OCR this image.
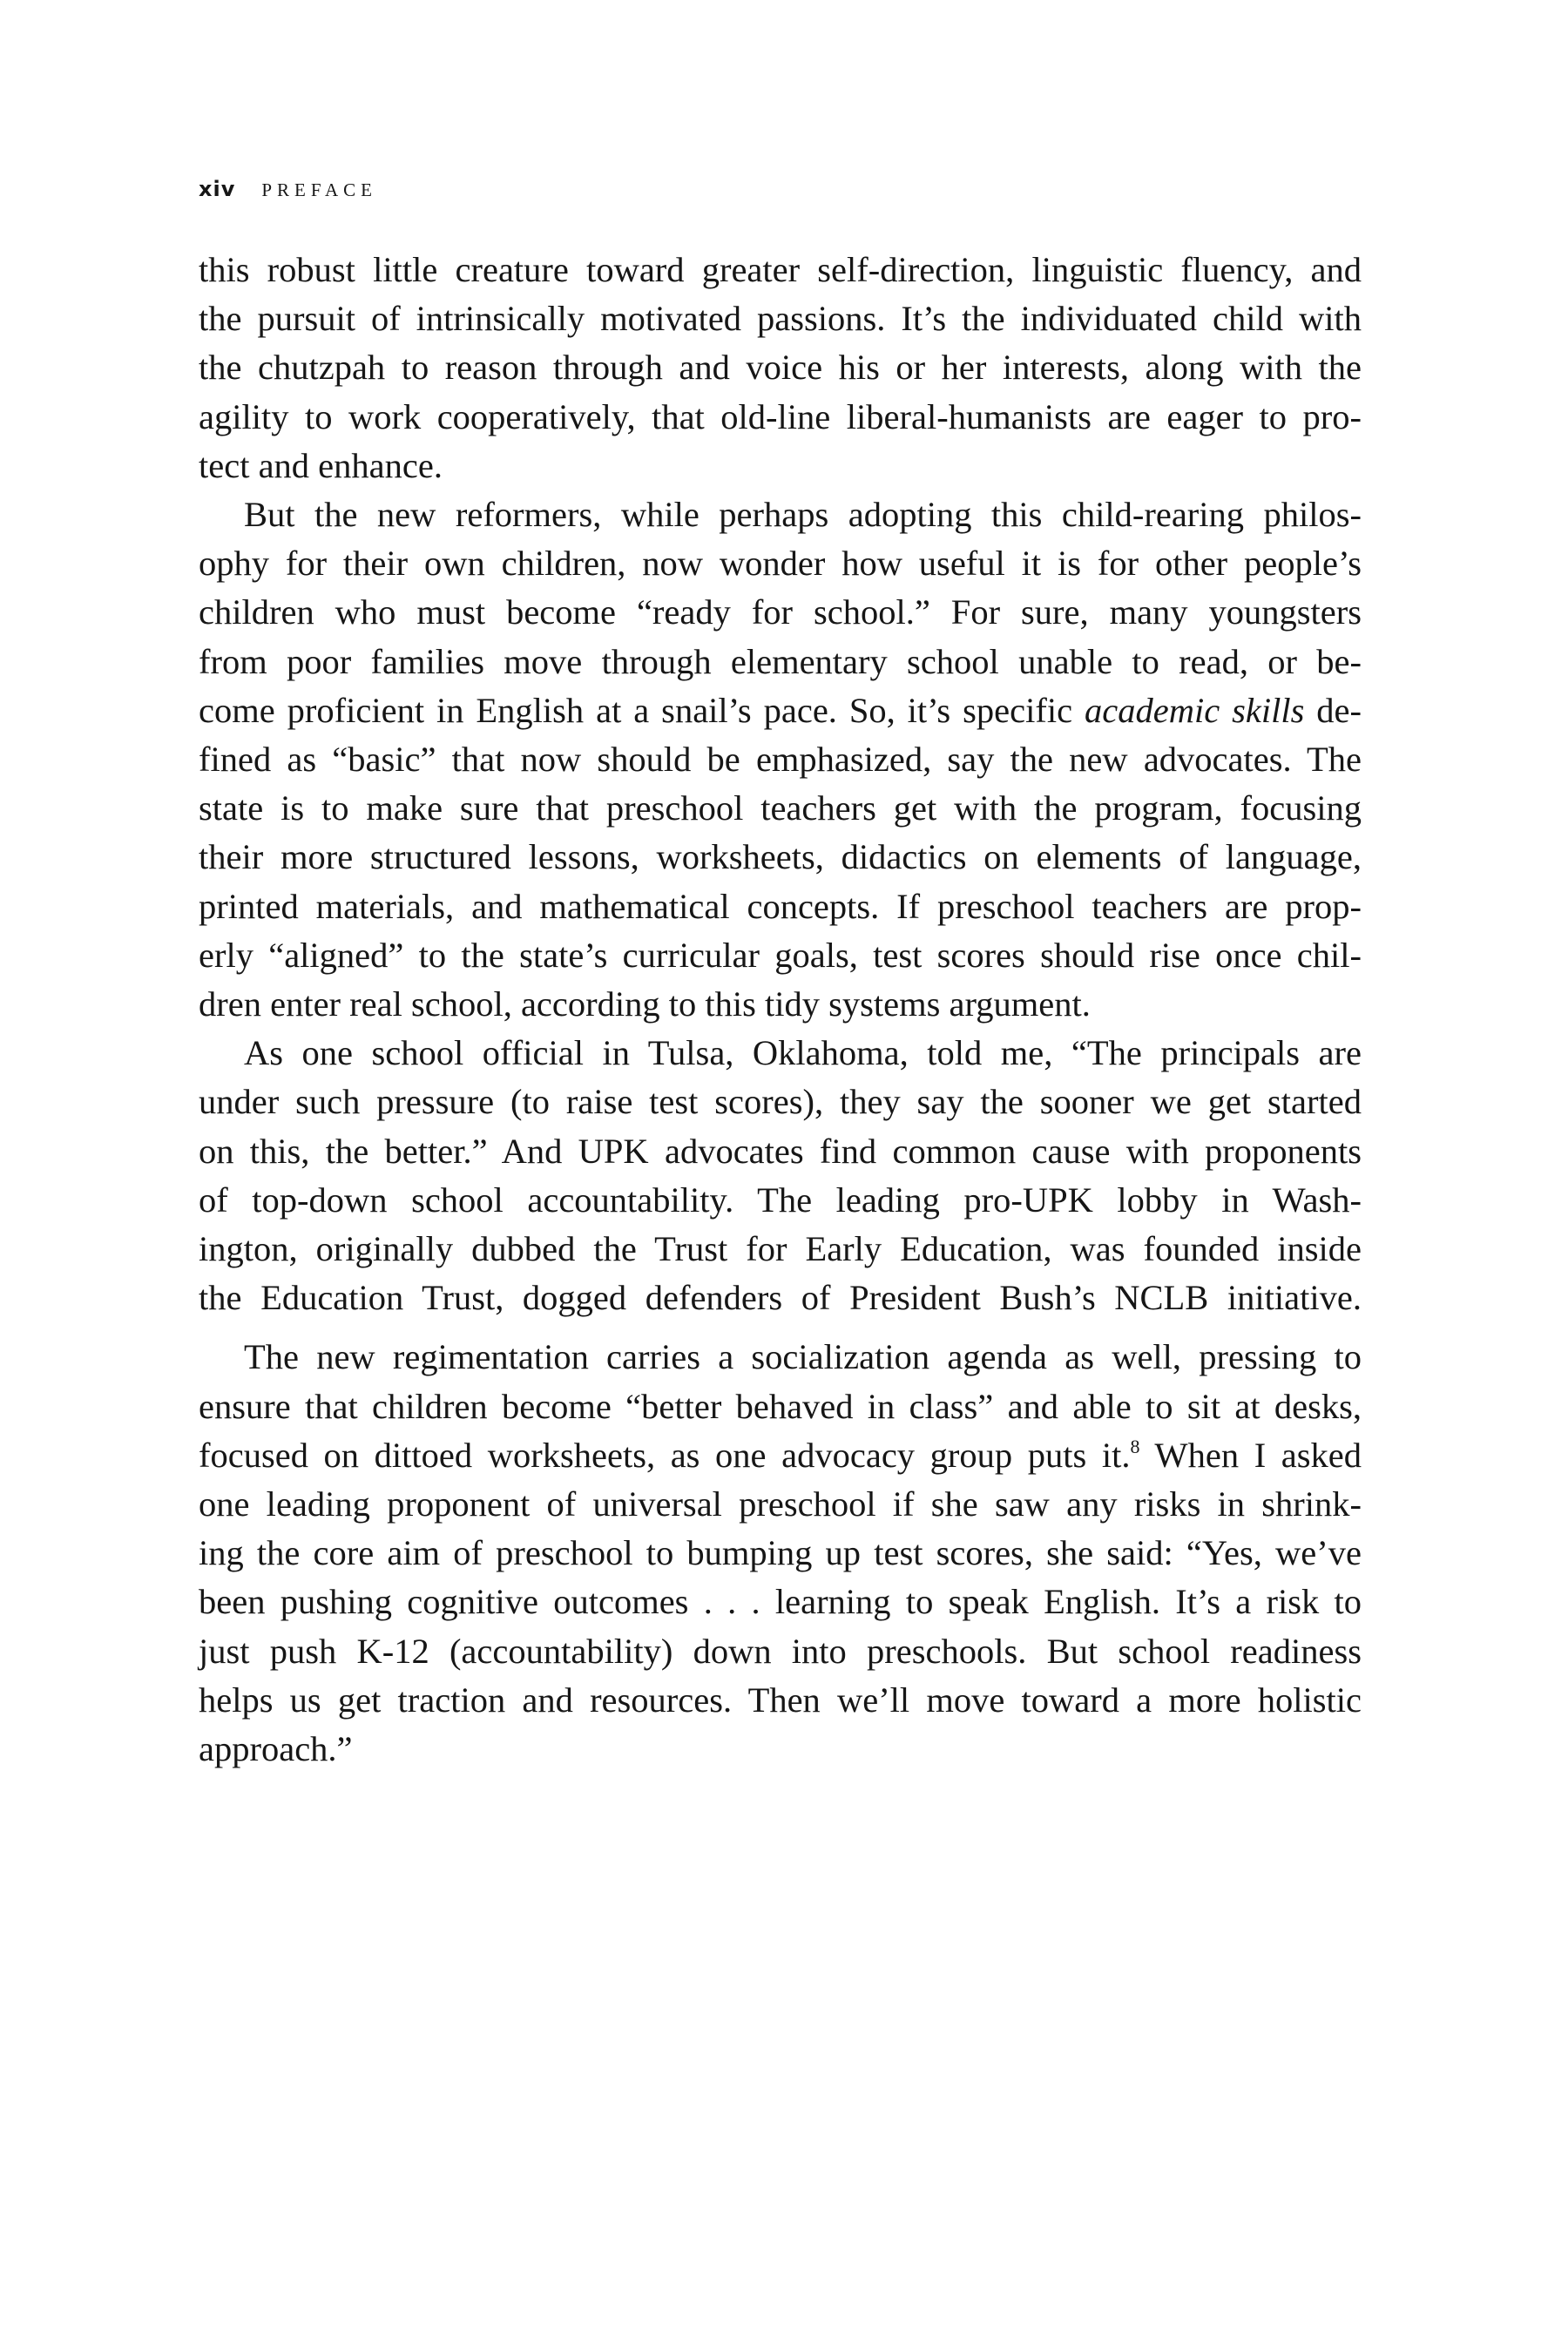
xiv PREFACE
this robust little creature toward greater self-direction, linguistic fluency, and
the pursuit of intrinsically motivated passions. It’s the individuated child with
the chutzpah to reason through and voice his or her interests, along with the
agility to work cooperatively, that old-line liberal-humanists are eager to pro-
tect and enhance.
But the new reformers, while perhaps adopting this child-rearing philos-
ophy for their own children, now wonder how useful it is for other people’s
children who must become “ready for school.” For sure, many youngsters
from poor families move through elementary school unable to read, or be-
come proficient in English at a snail’s pace. So, it’s specific academic skills de-
fined as “basic” that now should be emphasized, say the new advocates. The
state is to make sure that preschool teachers get with the program, focusing
their more structured lessons, worksheets, didactics on elements of language,
printed materials, and mathematical concepts. If preschool teachers are prop-
erly “aligned” to the state’s curricular goals, test scores should rise once chil-
dren enter real school, according to this tidy systems argument.
As one school official in Tulsa, Oklahoma, told me, “The principals are
under such pressure (to raise test scores), they say the sooner we get started
on this, the better.” And UPK advocates find common cause with proponents
of top-down school accountability. The leading pro-UPK lobby in Wash-
ington, originally dubbed the Trust for Early Education, was founded inside
the Education Trust, dogged defenders of President Bush’s NCLB initiative.
The new regimentation carries a socialization agenda as well, pressing to
ensure that children become “better behaved in class” and able to sit at desks,
focused on dittoed worksheets, as one advocacy group puts it.$^8$ When I asked
one leading proponent of universal preschool if she saw any risks in shrink-
ing the core aim of preschool to bumping up test scores, she said: “Yes, we’ve
been pushing cognitive outcomes . . . learning to speak English. It’s a risk to
just push K-12 (accountability) down into preschools. But school readiness
helps us get traction and resources. Then we’ll move toward a more holistic
approach.”
